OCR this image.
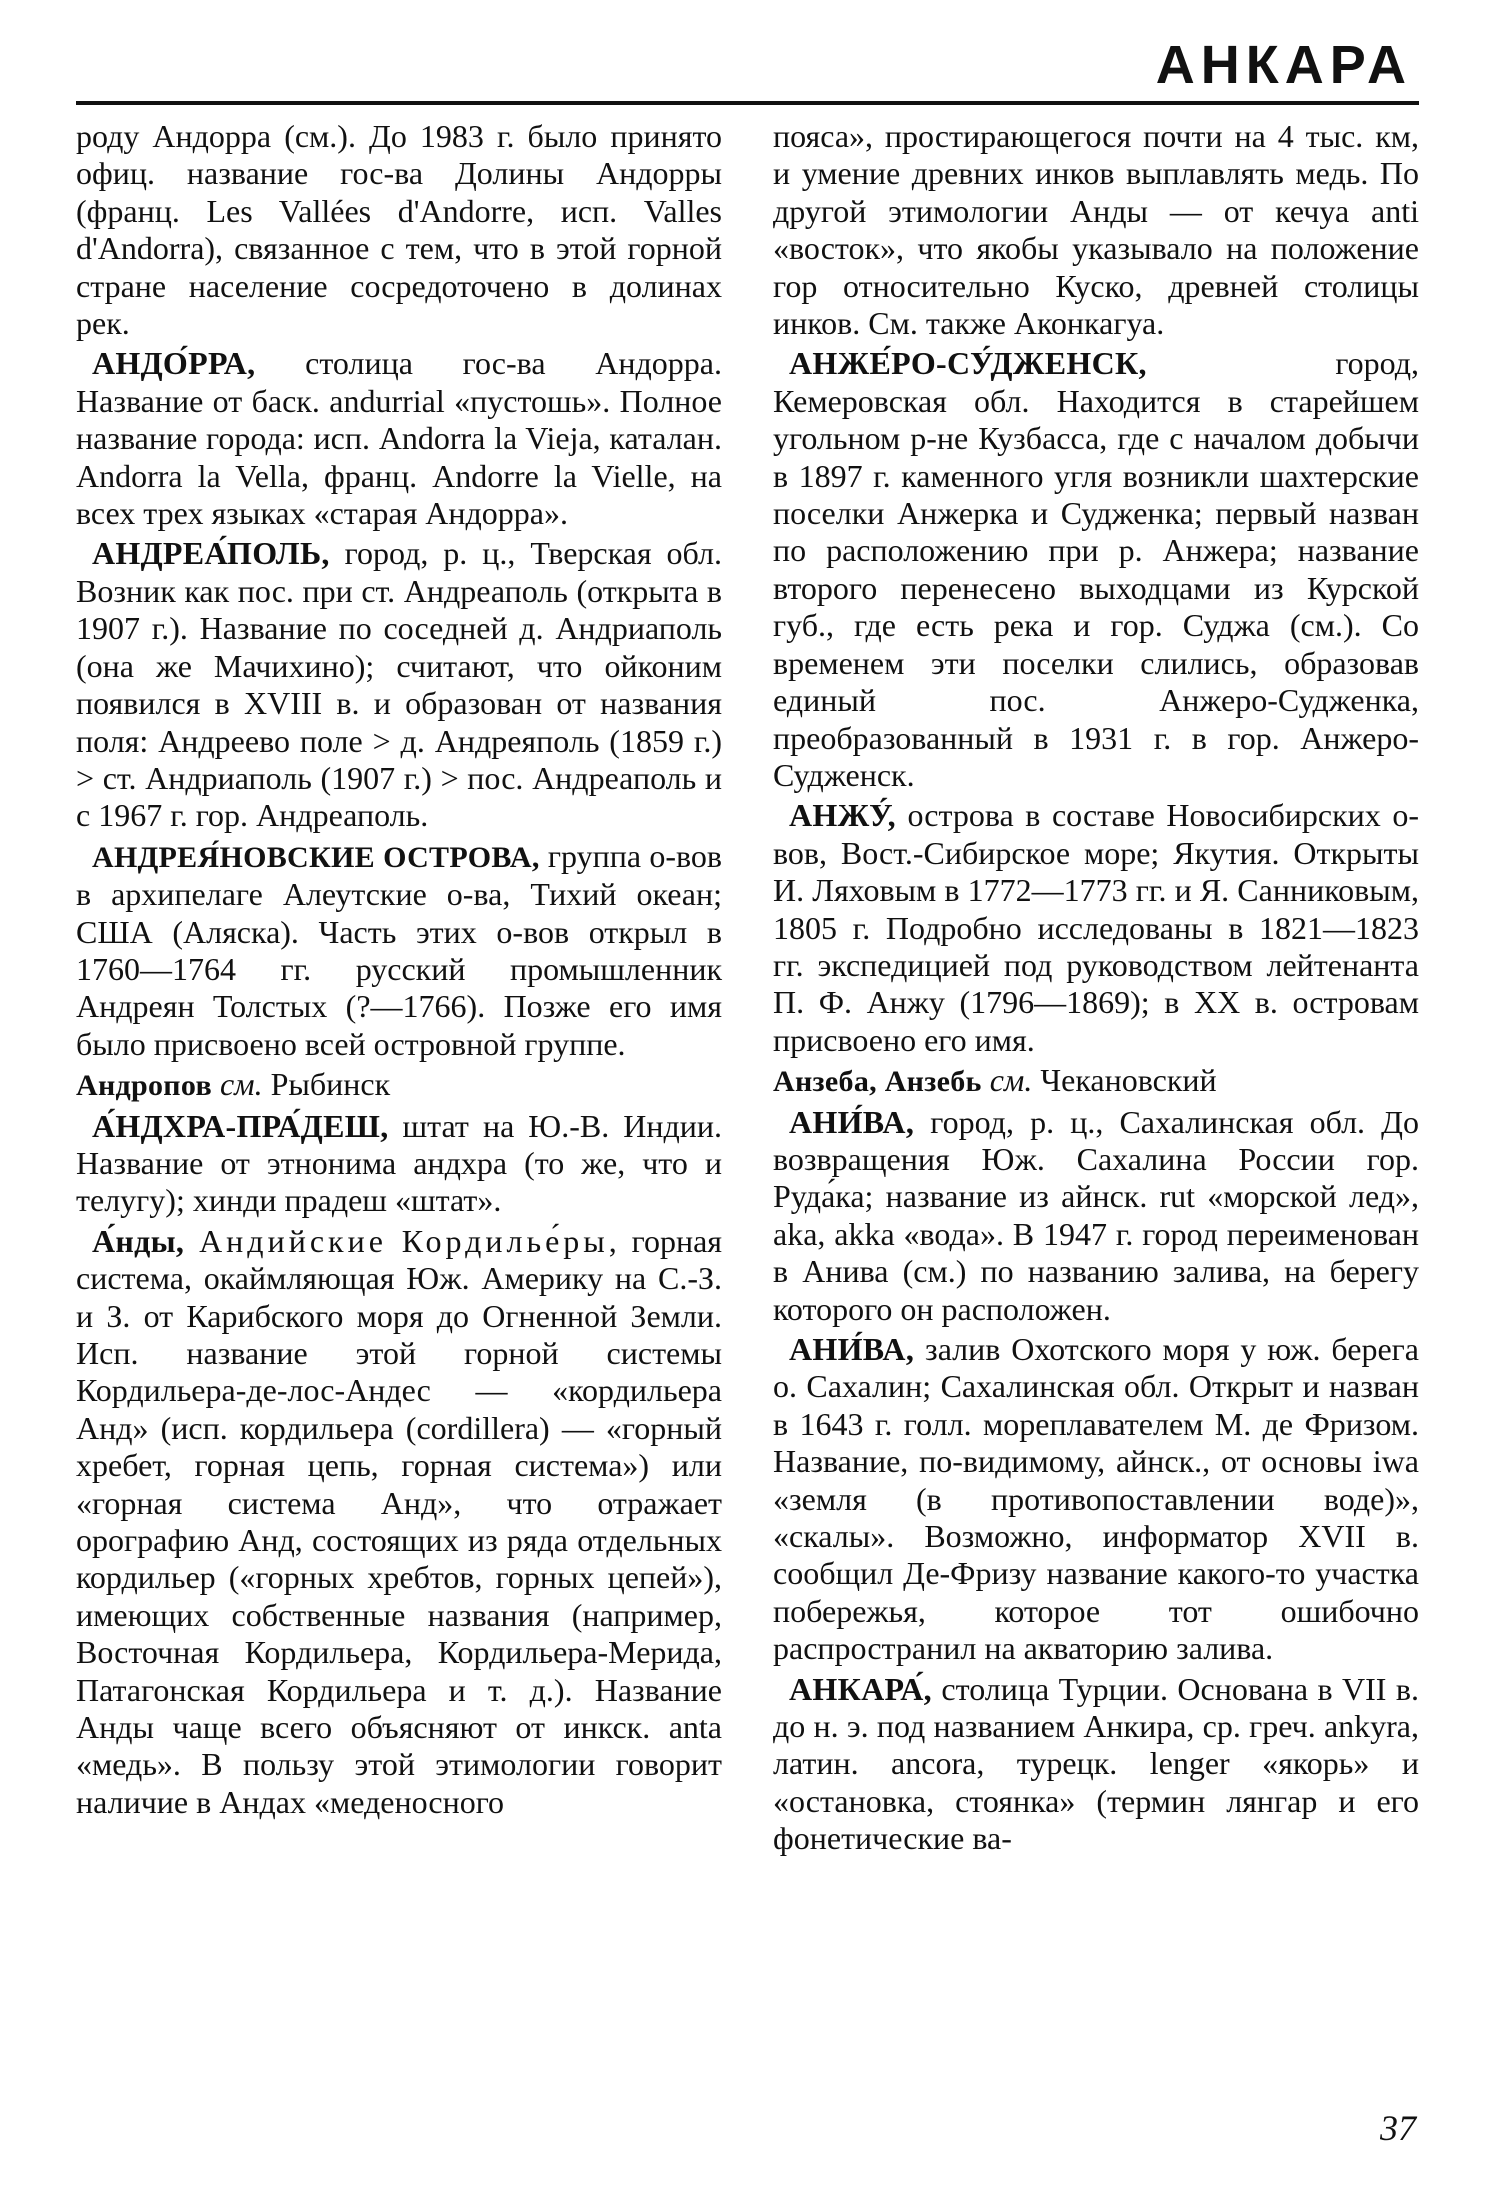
АНКАРА

роду Андорра (см.). До 1983 г. было принято офиц. название гос-ва Долины Андорры (франц. Les Vallées d'Andorre, исп. Valles d'Andorra), связанное с тем, что в этой горной стране население сосредоточено в долинах рек.

АНДО́РРА, столица гос-ва Андорра. Название от баск. andurrial «пустошь». Полное название города: исп. Andorra la Vieja, каталан. Andorra la Vella, франц. Andorre la Vielle, на всех трех языках «старая Андорра».

АНДРЕА́ПОЛЬ, город, р. ц., Тверская обл. Возник как пос. при ст. Андреаполь (открыта в 1907 г.). Название по соседней д. Андриаполь (она же Мачихино); считают, что ойконим появился в XVIII в. и образован от названия поля: Андреево поле > д. Андреяполь (1859 г.) > ст. Андриаполь (1907 г.) > пос. Андреаполь и с 1967 г. гор. Андреаполь.

АНДРЕЯ́НОВСКИЕ ОСТРОВА, группа о-вов в архипелаге Алеутские о-ва, Тихий океан; США (Аляска). Часть этих о-вов открыл в 1760—1764 гг. русский промышленник Андреян Толстых (?—1766). Позже его имя было присвоено всей островной группе.

Андропов см. Рыбинск

А́НДХРА-ПРА́ДЕШ, штат на Ю.-В. Индии. Название от этнонима андхра (то же, что и телугу); хинди прадеш «штат».

А́нды, Андийские Кордилье́ры, горная система, окаймляющая Юж. Америку на С.-З. и З. от Карибского моря до Огненной Земли. Исп. название этой горной системы Кордильера-де-лос-Андес — «кордильера Анд» (исп. кордильера (cordillera) — «горный хребет, горная цепь, горная система») или «горная система Анд», что отражает орографию Анд, состоящих из ряда отдельных кордильер («горных хребтов, горных цепей»), имеющих собственные названия (например, Восточная Кордильера, Кордильера-Мерида, Патагонская Кордильера и т. д.). Название Анды чаще всего объясняют от инкск. anta «медь». В пользу этой этимологии говорит наличие в Андах «меденосного

пояса», простирающегося почти на 4 тыс. км, и умение древних инков выплавлять медь. По другой этимологии Анды — от кечуа anti «восток», что якобы указывало на положение гор относительно Куско, древней столицы инков. См. также Аконкагуа.

АНЖЕ́РО-СУ́ДЖЕНСК, город, Кемеровская обл. Находится в старейшем угольном р-не Кузбасса, где с началом добычи в 1897 г. каменного угля возникли шахтерские поселки Анжерка и Судженка; первый назван по расположению при р. Анжера; название второго перенесено выходцами из Курской губ., где есть река и гор. Суджа (см.). Со временем эти поселки слились, образовав единый пос. Анжеро-Судженка, преобразованный в 1931 г. в гор. Анжеро-Судженск.

АНЖУ́, острова в составе Новосибирских о-вов, Вост.-Сибирское море; Якутия. Открыты И. Ляховым в 1772—1773 гг. и Я. Санниковым, 1805 г. Подробно исследованы в 1821—1823 гг. экспедицией под руководством лейтенанта П. Ф. Анжу (1796—1869); в XX в. островам присвоено его имя.

Анзеба, Анзебь см. Чекановский

АНИ́ВА, город, р. ц., Сахалинская обл. До возвращения Юж. Сахалина России гор. Руда́ка; название из айнск. rut «морской лед», aka, akka «вода». В 1947 г. город переименован в Анива (см.) по названию залива, на берегу которого он расположен.

АНИ́ВА, залив Охотского моря у юж. берега о. Сахалин; Сахалинская обл. Открыт и назван в 1643 г. голл. мореплавателем М. де Фризом. Название, по-видимому, айнск., от основы iwa «земля (в противопоставлении воде)», «скалы». Возможно, информатор XVII в. сообщил Де-Фризу название какого-то участка побережья, которое тот ошибочно распространил на акваторию залива.

АНКАРА́, столица Турции. Основана в VII в. до н. э. под названием Анкира, ср. греч. ankyra, латин. ancora, турецк. lenger «якорь» и «остановка, стоянка» (термин лянгар и его фонетические ва-

37
